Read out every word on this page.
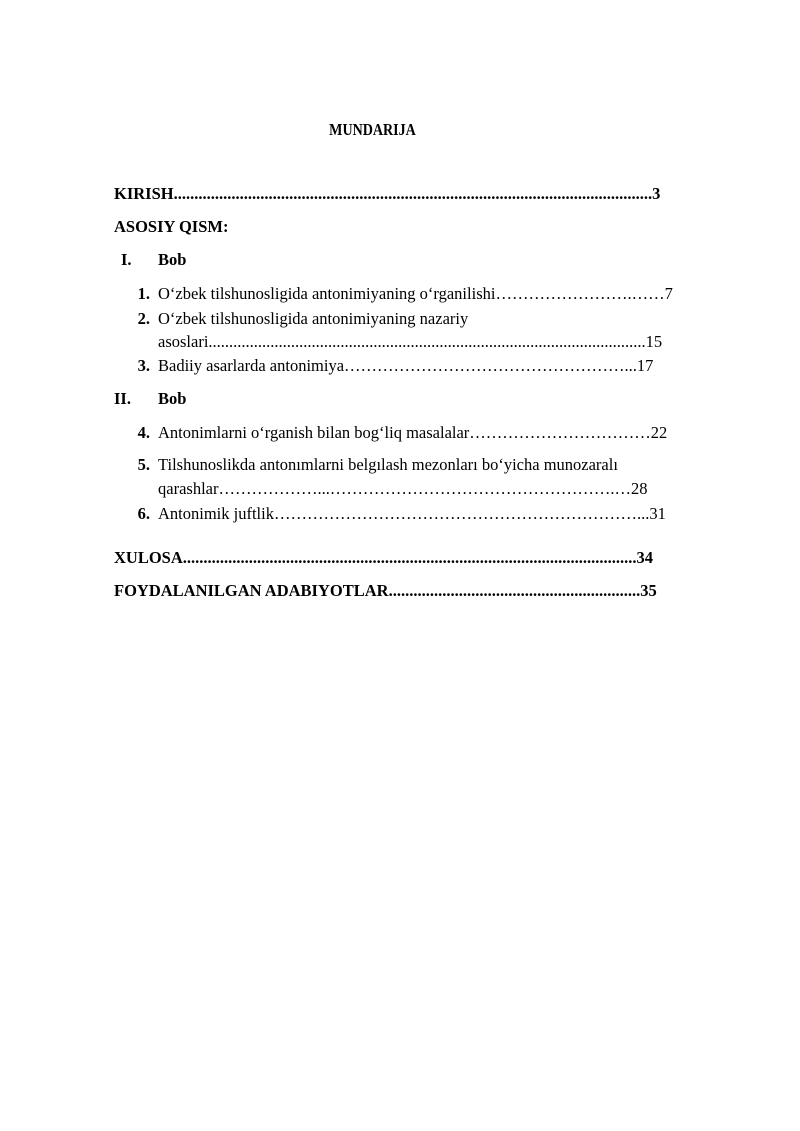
MUNDARIJA
KIRISH....................................................................................................................3
ASOSIY QISM:
I. Bob
1. O‘zbek tilshunosligida antonimiyaning o‘rganilishi…………………….……7
2. O‘zbek tilshunosligida antonimiyaning nazariy
asoslari..........................................................................................................15
3. Badiiy asarlarda antonimiya……………………………………………...17
II. Bob
4. Antonimlarni o‘rganish bilan bog‘liq masalalar……………………………22
5. Tilshunoslikda antonımlarni belgılash mezonları bo‘yicha munozaralı
qarashlar………………...…………………………………………….…28
6. Antonimik juftlik…………………………………………………………...31
XULOSA..............................................................................................................34
FOYDALANILGAN ADABIYOTLAR.............................................................35
